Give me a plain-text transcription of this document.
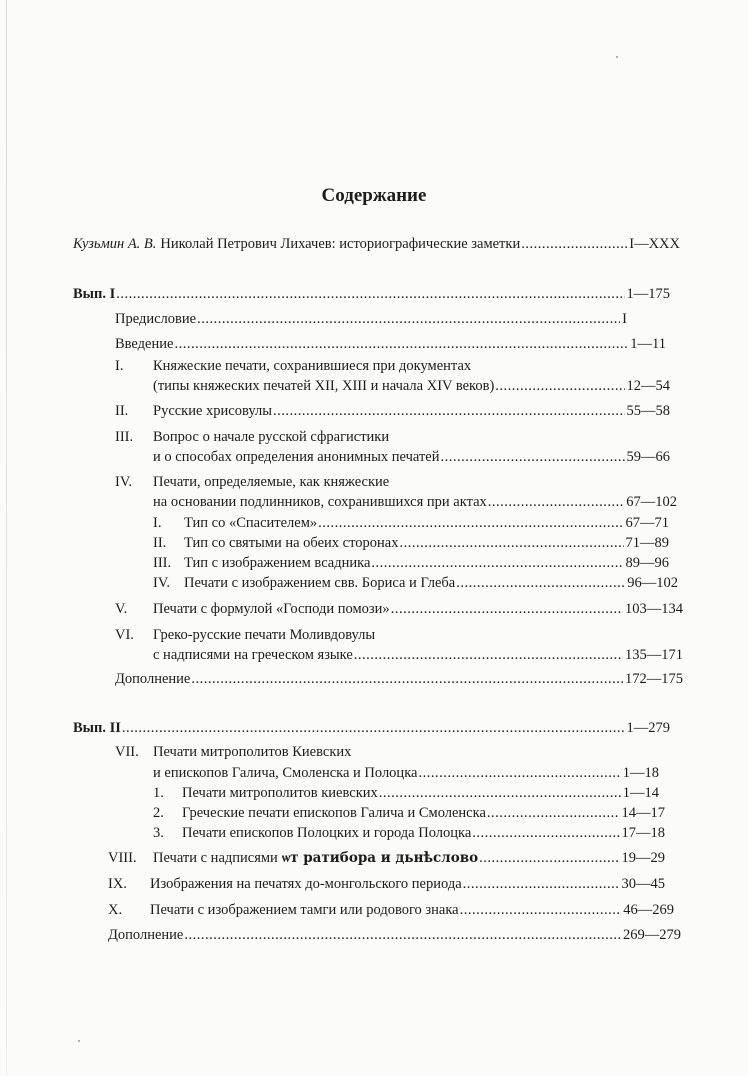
Содержание
Кузьмин А. В. Николай Петрович Лихачев: историографические заметки .....	I—XXX
Вып. I .....	1—175
Предисловие .....	I
Введение .....	1—11
I. Княжеские печати, сохранившиеся при документах
(типы княжеских печатей XII, XIII и начала XIV веков) .....	12—54
II. Русские хрисовулы .....	55—58
III. Вопрос о начале русской сфрагистики
и о способах определения анонимных печатей .....	59—66
IV. Печати, определяемые, как княжеские
на основании подлинников, сохранившихся при актах .....	67—102
I. Тип со «Спасителем» .....	67—71
II. Тип со святыми на обеих сторонах .....	71—89
III. Тип с изображением всадника .....	89—96
IV. Печати с изображением свв. Бориса и Глеба .....	96—102
V. Печати с формулой «Господи помози» .....	103—134
VI. Греко-русские печати Моливдовулы
с надписями на греческом языке .....	135—171
Дополнение .....	172—175
Вып. II .....	1—279
VII. Печати митрополитов Киевских
и епископов Галича, Смоленска и Полоцка .....	1—18
1. Печати митрополитов киевских .....	1—14
2. Греческие печати епископов Галича и Смоленска .....	14—17
3. Печати епископов Полоцких и города Полоцка .....	17—18
VIII. Печати с надписями ѡт ратибора и дьнѣслово .....	19—29
IX. Изображения на печатях до-монгольского периода .....	30—45
X. Печати с изображением тамги или родового знака .....	46—269
Дополнение .....	269—279
